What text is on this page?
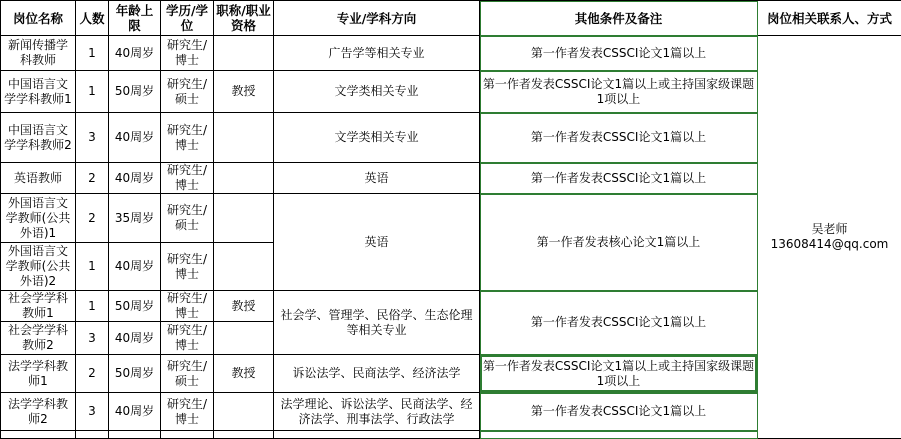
岗位名称	人数	年龄上限	学历/学位	职称/职业资格	专业/学科方向	其他条件及备注	岗位相关联系人、方式
新闻传播学科教师	1	40周岁	研究生/博士		广告学等相关专业	第一作者发表CSSCI论文1篇以上	吴老师
13608414@qq.com

中国语言文学学科教师1	1	50周岁	研究生/硕士	教授	文学类相关专业	第一作者发表CSSCI论文1篇以上或主持国家级课题1项以上	
中国语言文学学科教师2	3	40周岁	研究生/博士		文学类相关专业	第一作者发表CSSCI论文1篇以上	
英语教师	2	40周岁	研究生/博士		英语	第一作者发表CSSCI论文1篇以上	
外国语言文学教师(公共外语)1	2	35周岁	研究生/硕士		英语	第一作者发表核心论文1篇以上	
外国语言文学教师(公共外语)2	1	40周岁	研究生/博士				
社会学学科教师1	1	50周岁	研究生/博士	教授	社会学、管理学、民俗学、生态伦理等相关专业	第一作者发表CSSCI论文1篇以上	
社会学学科教师2	3	40周岁	研究生/博士				
法学学科教师1	2	50周岁	研究生/硕士	教授	诉讼法学、民商法学、经济法学	第一作者发表CSSCI论文1篇以上或主持国家级课题1项以上	
法学学科教师2	3	40周岁	研究生/博士		法学理论、诉讼法学、民商法学、经济法学、刑事法学、行政法学	第一作者发表CSSCI论文1篇以上	
